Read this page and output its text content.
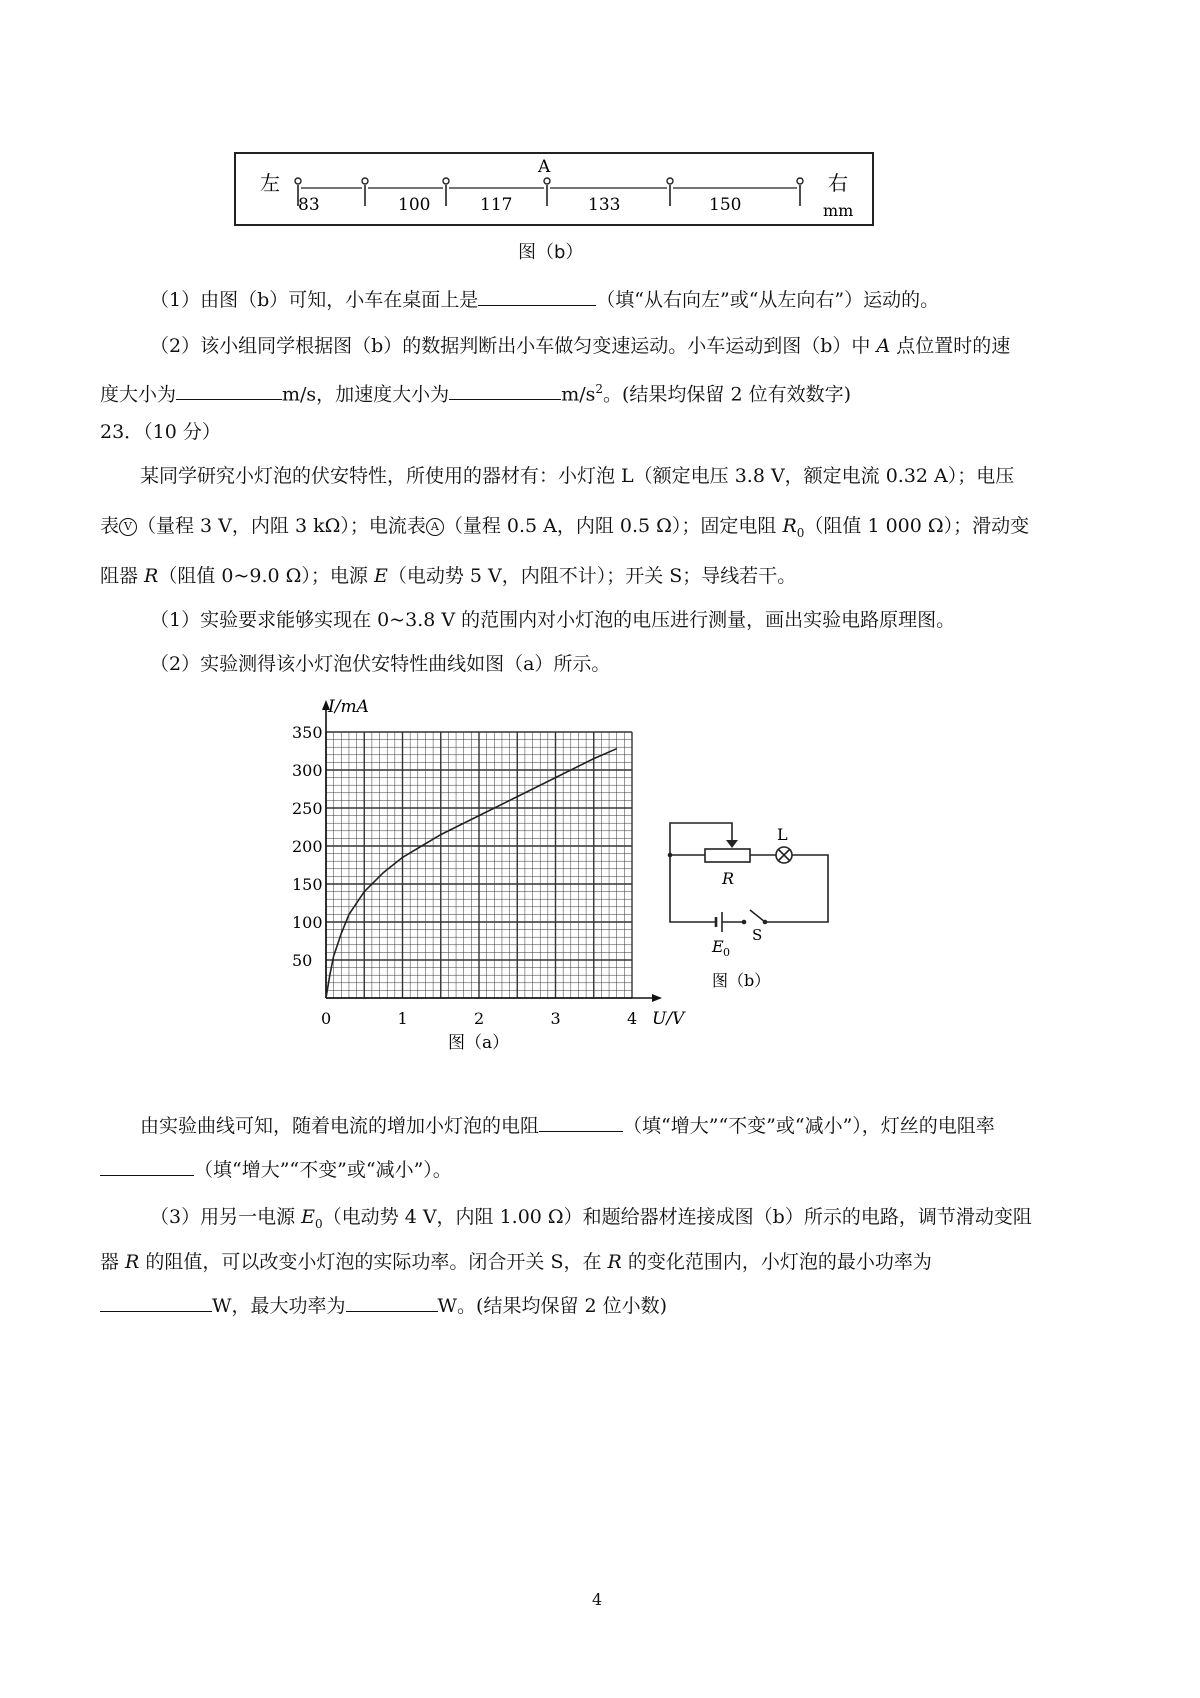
左	右
mm
A
83	100	117	133	150
图（b）
（1）由图（b）可知，小车在桌面上是	（填“从右向左”或“从左向右”）运动的。
（2）该小组同学根据图（b）的数据判断出小车做匀变速运动。小车运动到图（b）中 A 点位置时的速
度大小为	m/s，加速度大小为	$m/s^2$。(结果均保留 2 位有效数字)
23．（10 分）
某同学研究小灯泡的伏安特性，所使用的器材有：小灯泡 L（额定电压 3.8 V，额定电流 0.32 A）；电压
表 V （量程 3 V，内阻 3 kΩ）；电流表 A （量程 0.5 A，内阻 0.5 Ω）；固定电阻 $R_0$（阻值 1 000 Ω）；滑动变
阻器 R（阻值 0~9.0 Ω）；电源 E（电动势 5 V，内阻不计）；开关 S；导线若干。
（1）实验要求能够实现在 0~3.8 V 的范围内对小灯泡的电压进行测量，画出实验电路原理图。
（2）实验测得该小灯泡伏安特性曲线如图（a）所示。
0	1	2	3	4
50
100
150
200
250
300
350
I/mA
U/V
图（a）
R
L
E 0
S
图（b）
由实验曲线可知，随着电流的增加小灯泡的电阻	（填“增大”“不变”或“减小”），灯丝的电阻率
（填“增大”“不变”或“减小”）。
（3）用另一电源 $E_0$（电动势 4 V，内阻 1.00 Ω）和题给器材连接成图（b）所示的电路，调节滑动变阻
器 R 的阻值，可以改变小灯泡的实际功率。闭合开关 S，在 R 的变化范围内，小灯泡的最小功率为
W，最大功率为	W。(结果均保留 2 位小数)
4
